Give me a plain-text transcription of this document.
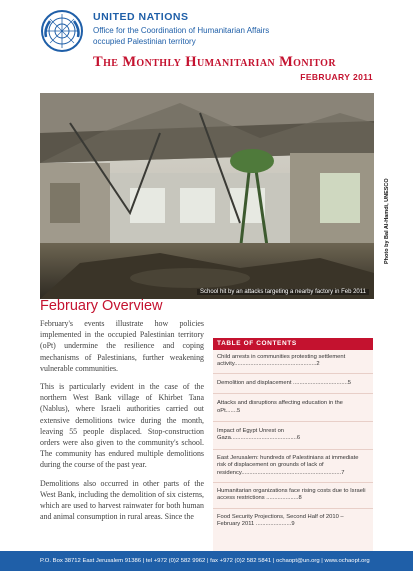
UNITED NATIONS
Office for the Coordination of Humanitarian Affairs
occupied Palestinian territory
The Monthly Humanitarian Monitor
FEBRUARY 2011
Photo by Bal Al-Hamdi, UNESCO
School hit by an attacks targeting a nearby factory in Feb 2011
February Overview

February's events illustrate how policies implemented in the occupied Palestinian territory (oPt) undermine the resilience and coping mechanisms of Palestinians, further weakening vulnerable communities.

This is particularly evident in the case of the northern West Bank village of Khirbet Tana (Nablus), where Israeli authorities carried out extensive demolitions twice during the month, leaving 55 people displaced. Stop-construction orders were also given to the community's school. The community has endured multiple demolitions during the course of the past year.

Demolitions also occurred in other parts of the West Bank, including the demolition of six cisterns, which are used to harvest rainwater for both human and animal consumption in rural areas. Since the

TABLE OF CONTENTS
Child arrests in communities protesting settlement activity...................................................2
Demolition and displacement ..................................5
Attacks and disruptions affecting education in the oPt.......5
Impact of Egypt Unrest on Gaza.........................................6
East Jerusalem: hundreds of Palestinians at immediate risk of displacement on grounds of lack of residency..............................................................7
Humanitarian organizations face rising costs due to Israeli access restrictions ....................8
Food Security Projections, Second Half of 2010 – February 2011 ......................9
P.O. Box 38712 East Jerusalem 91386 | tel +972 (0)2 582 9962 | fax +972 (0)2 582 5841 | ochaopt@un.org | www.ochaopt.org
